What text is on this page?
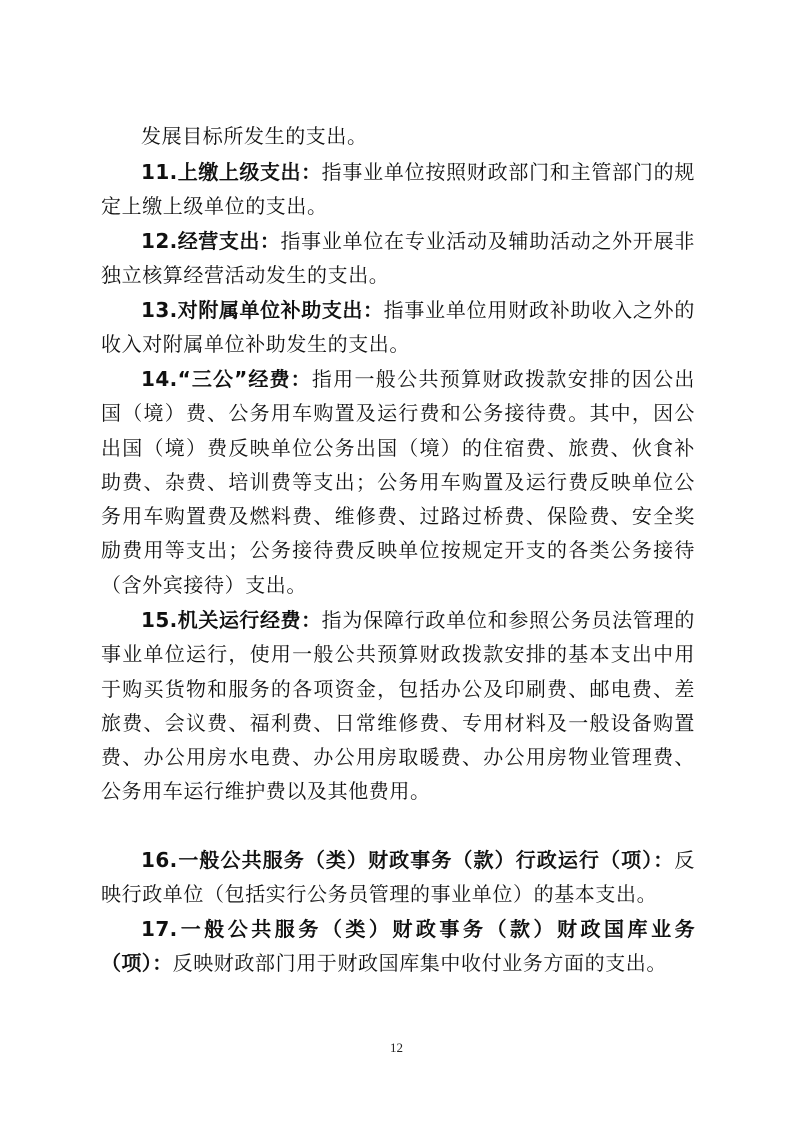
发展目标所发生的支出。

11.上缴上级支出：指事业单位按照财政部门和主管部门的规定上缴上级单位的支出。

12.经营支出：指事业单位在专业活动及辅助活动之外开展非独立核算经营活动发生的支出。

13.对附属单位补助支出：指事业单位用财政补助收入之外的收入对附属单位补助发生的支出。

14.“三公”经费：指用一般公共预算财政拨款安排的因公出国（境）费、公务用车购置及运行费和公务接待费。其中，因公出国（境）费反映单位公务出国（境）的住宿费、旅费、伙食补助费、杂费、培训费等支出；公务用车购置及运行费反映单位公务用车购置费及燃料费、维修费、过路过桥费、保险费、安全奖励费用等支出；公务接待费反映单位按规定开支的各类公务接待（含外宾接待）支出。

15.机关运行经费：指为保障行政单位和参照公务员法管理的事业单位运行，使用一般公共预算财政拨款安排的基本支出中用于购买货物和服务的各项资金，包括办公及印刷费、邮电费、差旅费、会议费、福利费、日常维修费、专用材料及一般设备购置费、办公用房水电费、办公用房取暖费、办公用房物业管理费、公务用车运行维护费以及其他费用。

16.一般公共服务（类）财政事务（款）行政运行（项）：反映行政单位（包括实行公务员管理的事业单位）的基本支出。

17.一般公共服务（类）财政事务（款）财政国库业务（项）：反映财政部门用于财政国库集中收付业务方面的支出。

12
